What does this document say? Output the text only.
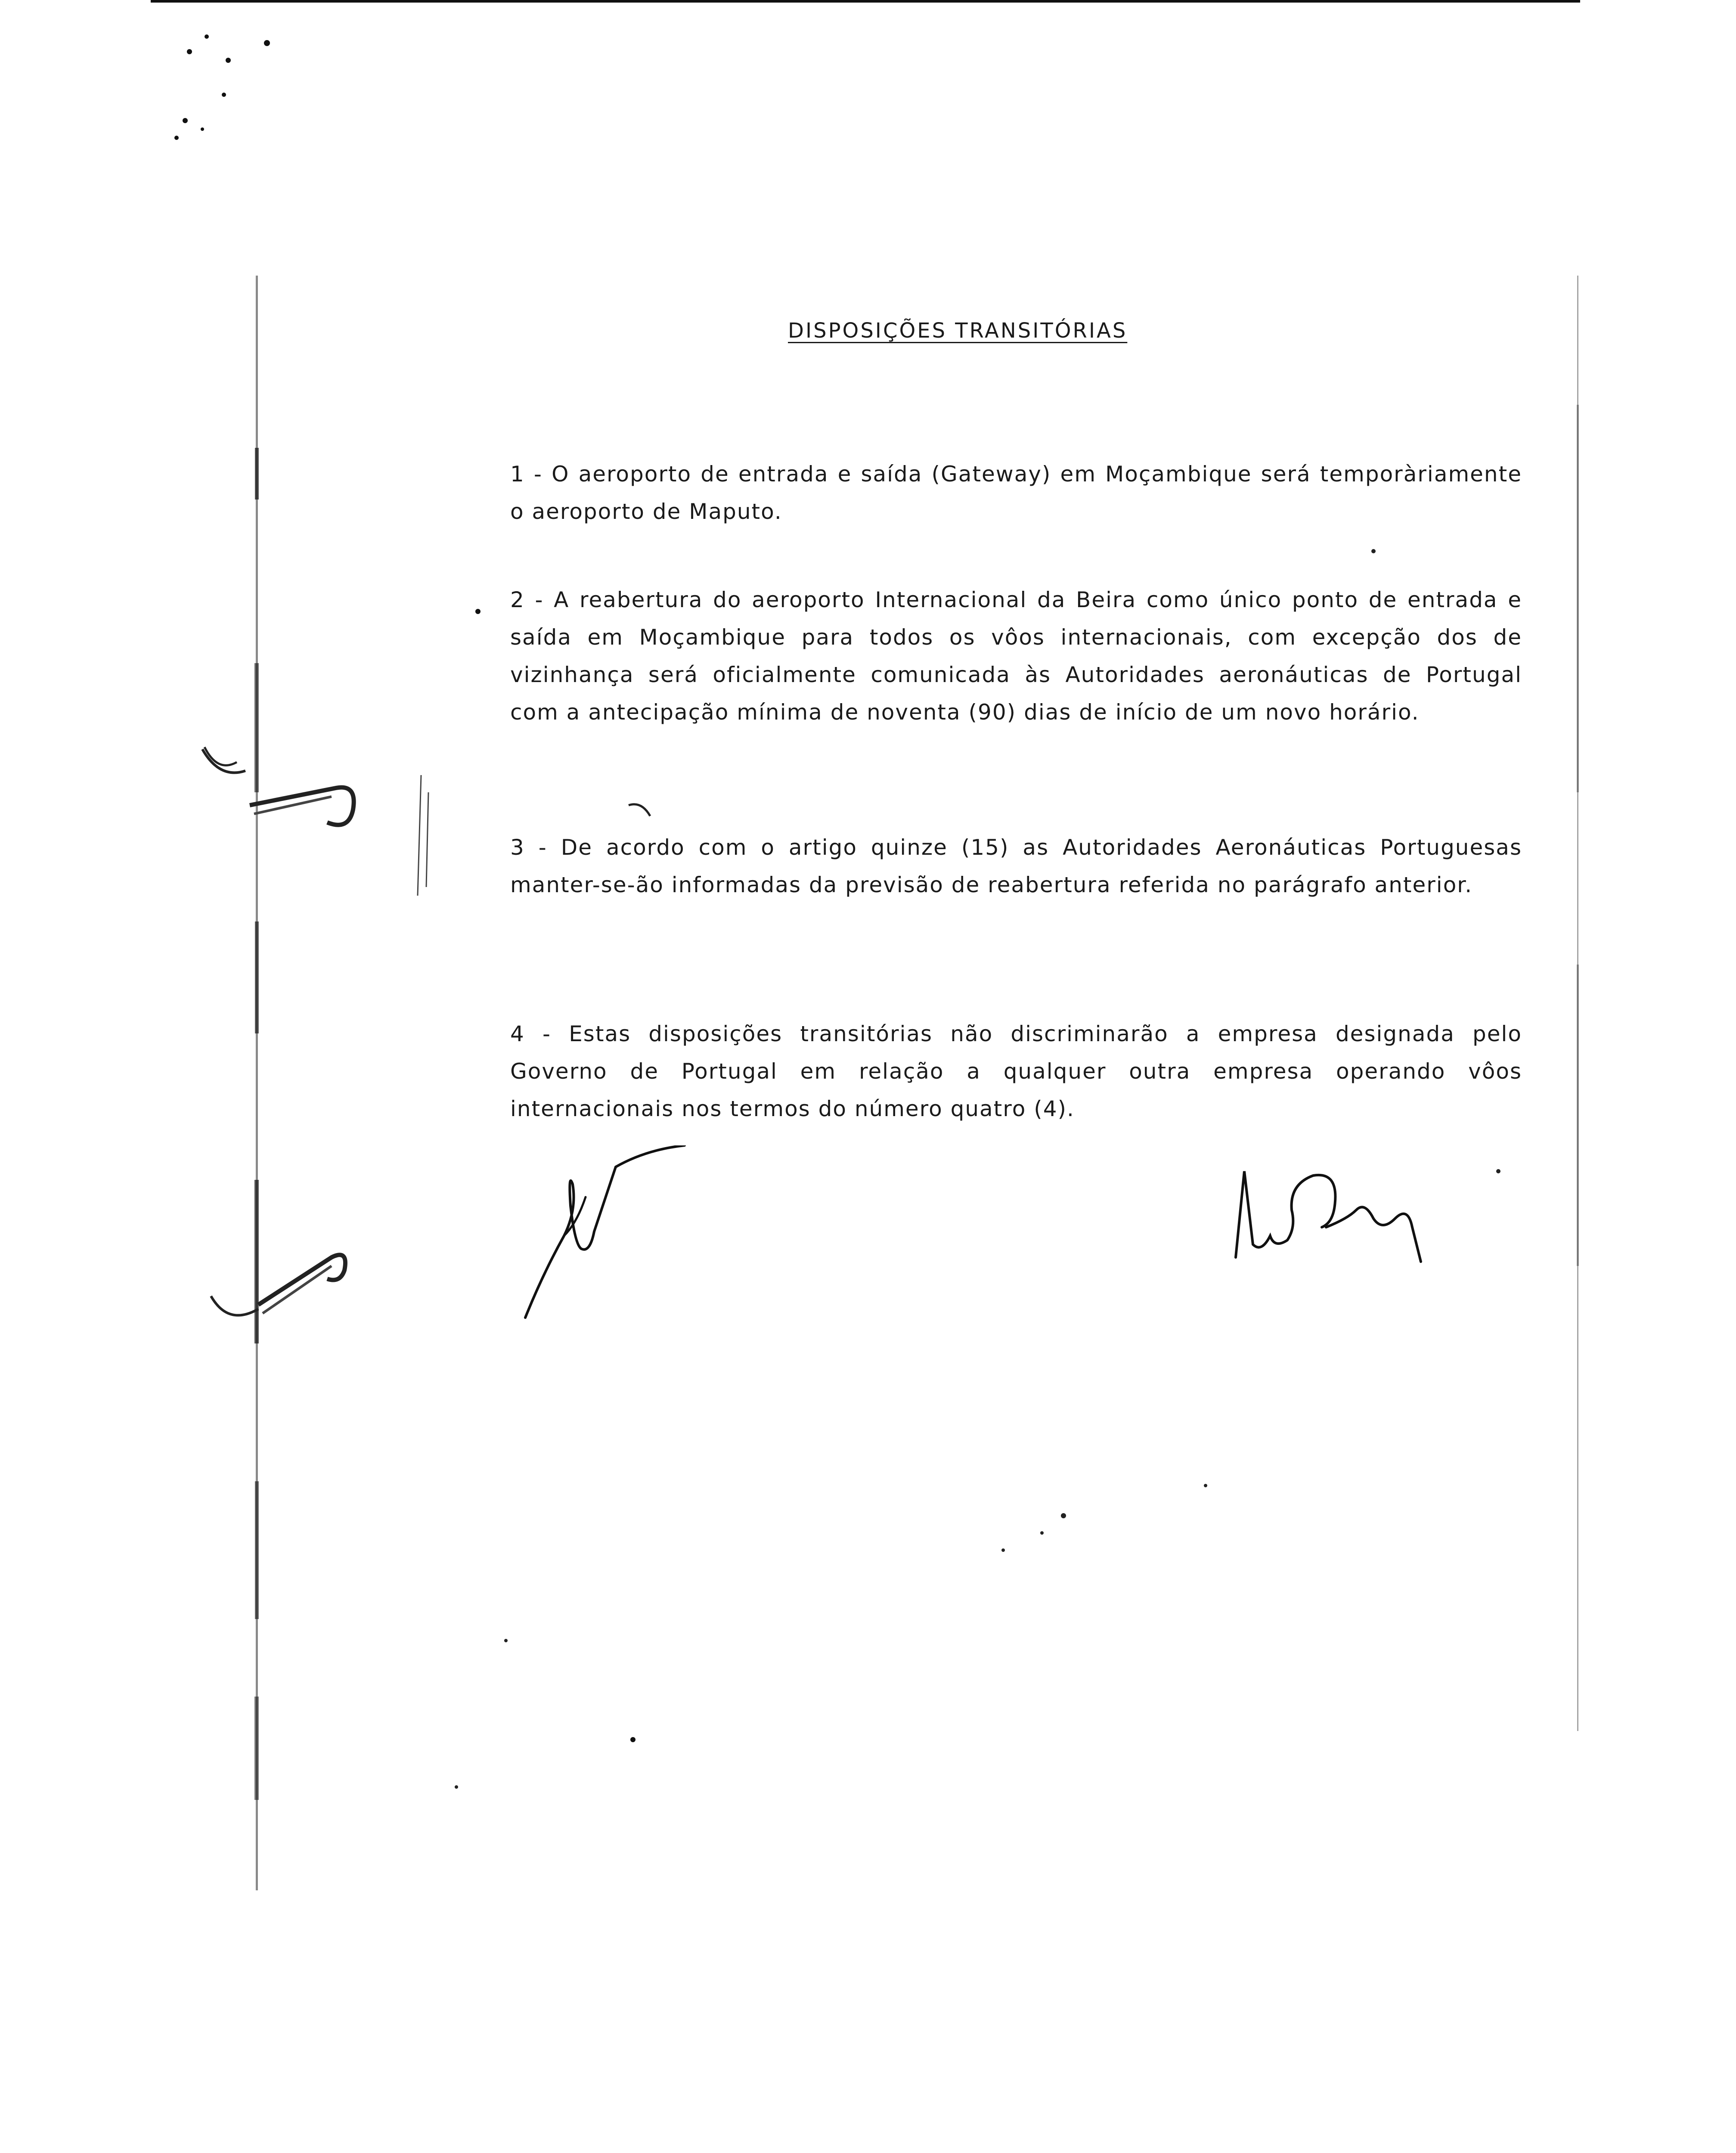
DISPOSIÇÕES TRANSITÓRIAS

1 - O aeroporto de entrada e saída (Gateway) em Moçambique será temporàriamente o aeroporto de Maputo.

2 - A reabertura do aeroporto Internacional da Beira como único ponto de entrada e saída em Moçambique para todos os vôos internacionais, com excepção dos de vizinhança será oficialmente comunicada às Autoridades aeronáuticas de Portugal com a antecipação mínima de noventa (90) dias de início de um novo horário.

3 - De acordo com o artigo quinze (15) as Autoridades Aeronáuticas Portuguesas manter-se-ão informadas da previsão de reabertura referida no parágrafo anterior.

4 - Estas disposições transitórias não discriminarão a empresa designada pelo Governo de Portugal em relação a qualquer outra empresa operando vôos internacionais nos termos do número quatro (4).
